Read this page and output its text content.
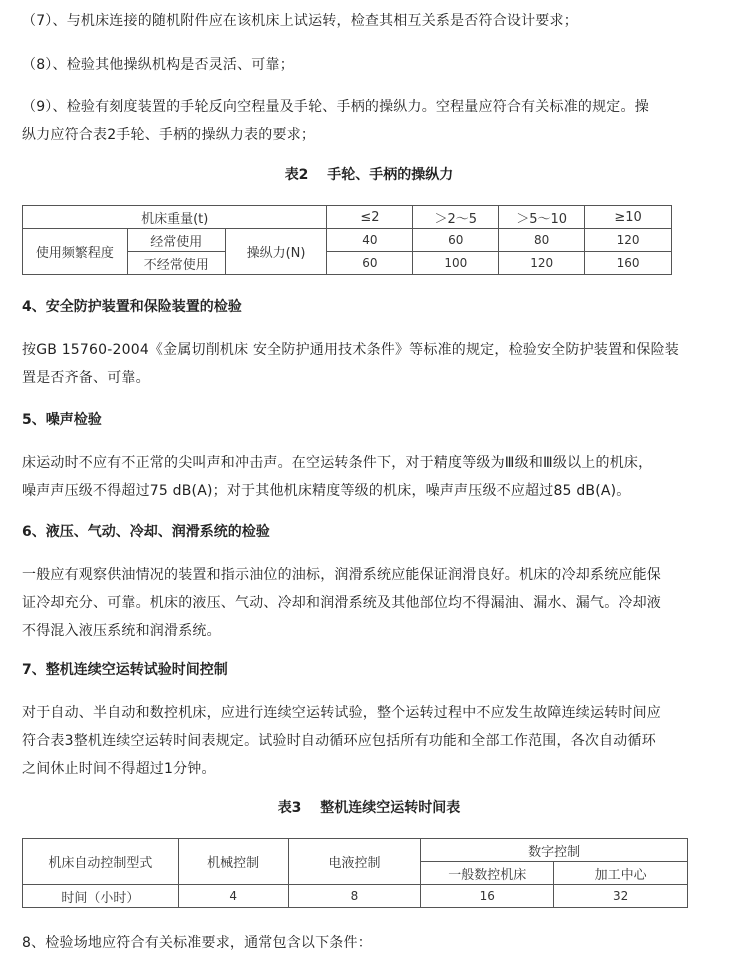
（7）、与机床连接的随机附件应在该机床上试运转，检查其相互关系是否符合设计要求；

（8）、检验其他操纵机构是否灵活、可靠；

（9）、检验有刻度装置的手轮反向空程量及手轮、手柄的操纵力。空程量应符合有关标准的规定。操

纵力应符合表2手轮、手柄的操纵力表的要求；

表2　 手轮、手柄的操纵力

机床重量(t)			≤2	＞2～5	＞5～10	≥10
使用频繁程度	经常使用	操纵力(N)	40	60	80	120
	不经常使用		60	100	120	160

4、安全防护装置和保险装置的检验

按GB 15760-2004《金属切削机床 安全防护通用技术条件》等标准的规定，检验安全防护装置和保险装

置是否齐备、可靠。

5、噪声检验

床运动时不应有不正常的尖叫声和冲击声。在空运转条件下，对于精度等级为Ⅲ级和Ⅲ级以上的机床，

噪声声压级不得超过75 dB(A)；对于其他机床精度等级的机床，噪声声压级不应超过85 dB(A)。

6、液压、气动、冷却、润滑系统的检验

一般应有观察供油情况的装置和指示油位的油标，润滑系统应能保证润滑良好。机床的冷却系统应能保

证冷却充分、可靠。机床的液压、气动、冷却和润滑系统及其他部位均不得漏油、漏水、漏气。冷却液

不得混入液压系统和润滑系统。

7、整机连续空运转试验时间控制

对于自动、半自动和数控机床，应进行连续空运转试验，整个运转过程中不应发生故障连续运转时间应

符合表3整机连续空运转时间表规定。试验时自动循环应包括所有功能和全部工作范围，各次自动循环

之间休止时间不得超过1分钟。

表3　 整机连续空运转时间表

机床自动控制型式	机械控制	电液控制	数字控制	
			一般数控机床	加工中心
时间（小时）	4	8	16	32

8、检验场地应符合有关标准要求，通常包含以下条件：
